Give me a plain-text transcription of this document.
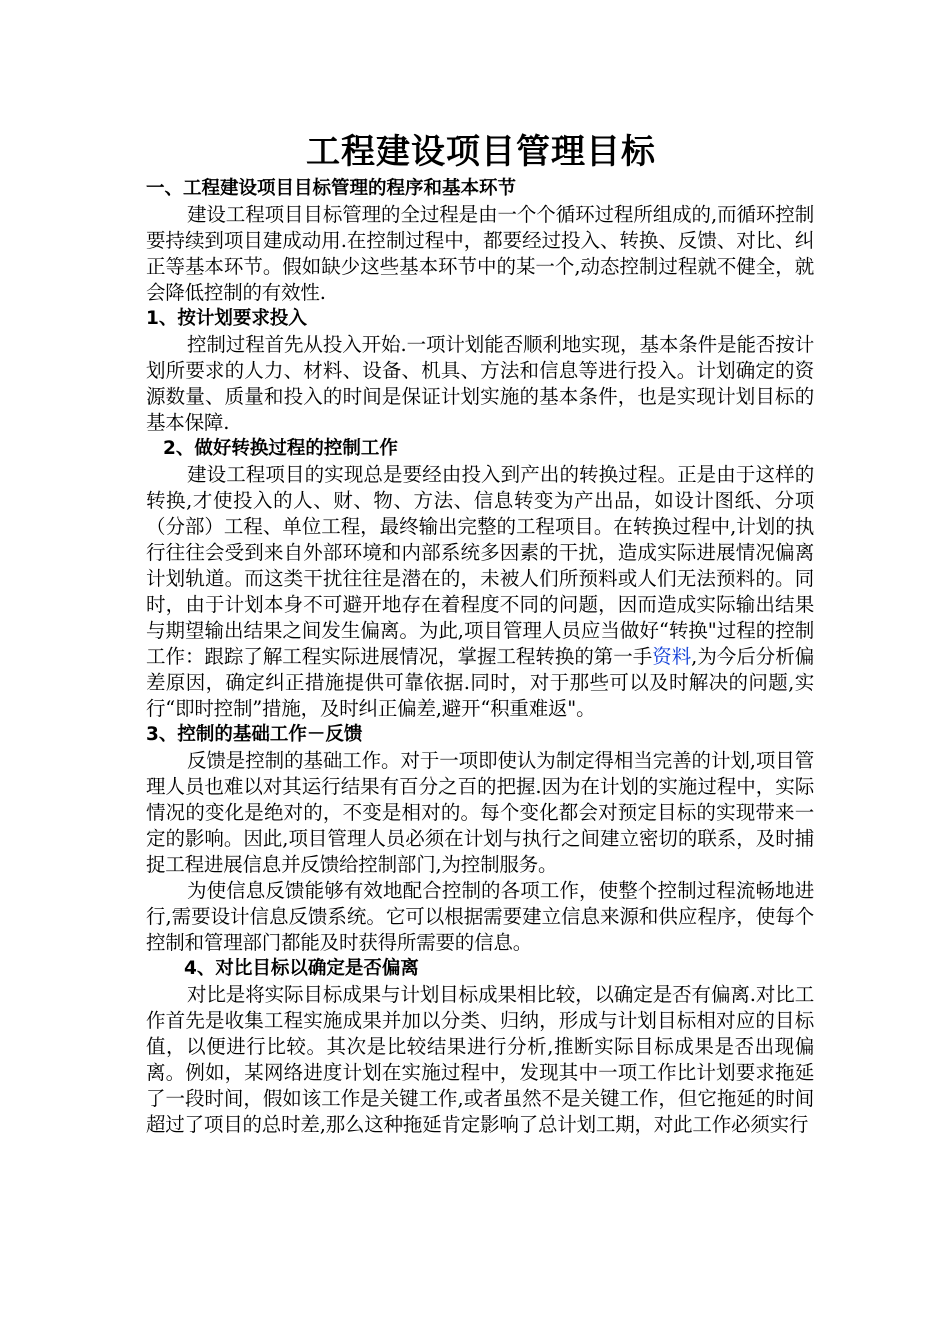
工程建设项目管理目标
一、工程建设项目目标管理的程序和基本环节

建设工程项目目标管理的全过程是由一个个循环过程所组成的,而循环控制要持续到项目建成动用.在控制过程中，都要经过投入、转换、反馈、对比、纠正等基本环节。假如缺少这些基本环节中的某一个,动态控制过程就不健全，就会降低控制的有效性.

1、按计划要求投入

控制过程首先从投入开始.一项计划能否顺利地实现，基本条件是能否按计划所要求的人力、材料、设备、机具、方法和信息等进行投入。计划确定的资源数量、质量和投入的时间是保证计划实施的基本条件，也是实现计划目标的基本保障.

2、做好转换过程的控制工作

建设工程项目的实现总是要经由投入到产出的转换过程。正是由于这样的转换,才使投入的人、财、物、方法、信息转变为产出品，如设计图纸、分项（分部）工程、单位工程，最终输出完整的工程项目。在转换过程中,计划的执行往往会受到来自外部环境和内部系统多因素的干扰，造成实际进展情况偏离计划轨道。而这类干扰往往是潜在的，未被人们所预料或人们无法预料的。同时，由于计划本身不可避开地存在着程度不同的问题，因而造成实际输出结果与期望输出结果之间发生偏离。为此,项目管理人员应当做好“转换"过程的控制工作：跟踪了解工程实际进展情况，掌握工程转换的第一手资料,为今后分析偏差原因，确定纠正措施提供可靠依据.同时，对于那些可以及时解决的问题,实行“即时控制”措施，及时纠正偏差,避开“积重难返"。

3、控制的基础工作－反馈

反馈是控制的基础工作。对于一项即使认为制定得相当完善的计划,项目管理人员也难以对其运行结果有百分之百的把握.因为在计划的实施过程中，实际情况的变化是绝对的，不变是相对的。每个变化都会对预定目标的实现带来一定的影响。因此,项目管理人员必须在计划与执行之间建立密切的联系，及时捕捉工程进展信息并反馈给控制部门,为控制服务。

为使信息反馈能够有效地配合控制的各项工作，使整个控制过程流畅地进行,需要设计信息反馈系统。它可以根据需要建立信息来源和供应程序，使每个控制和管理部门都能及时获得所需要的信息。

4、对比目标以确定是否偏离

对比是将实际目标成果与计划目标成果相比较，以确定是否有偏离.对比工作首先是收集工程实施成果并加以分类、归纳，形成与计划目标相对应的目标值，以便进行比较。其次是比较结果进行分析,推断实际目标成果是否出现偏离。例如，某网络进度计划在实施过程中，发现其中一项工作比计划要求拖延了一段时间，假如该工作是关键工作,或者虽然不是关键工作，但它拖延的时间超过了项目的总时差,那么这种拖延肯定影响了总计划工期，对此工作必须实行
